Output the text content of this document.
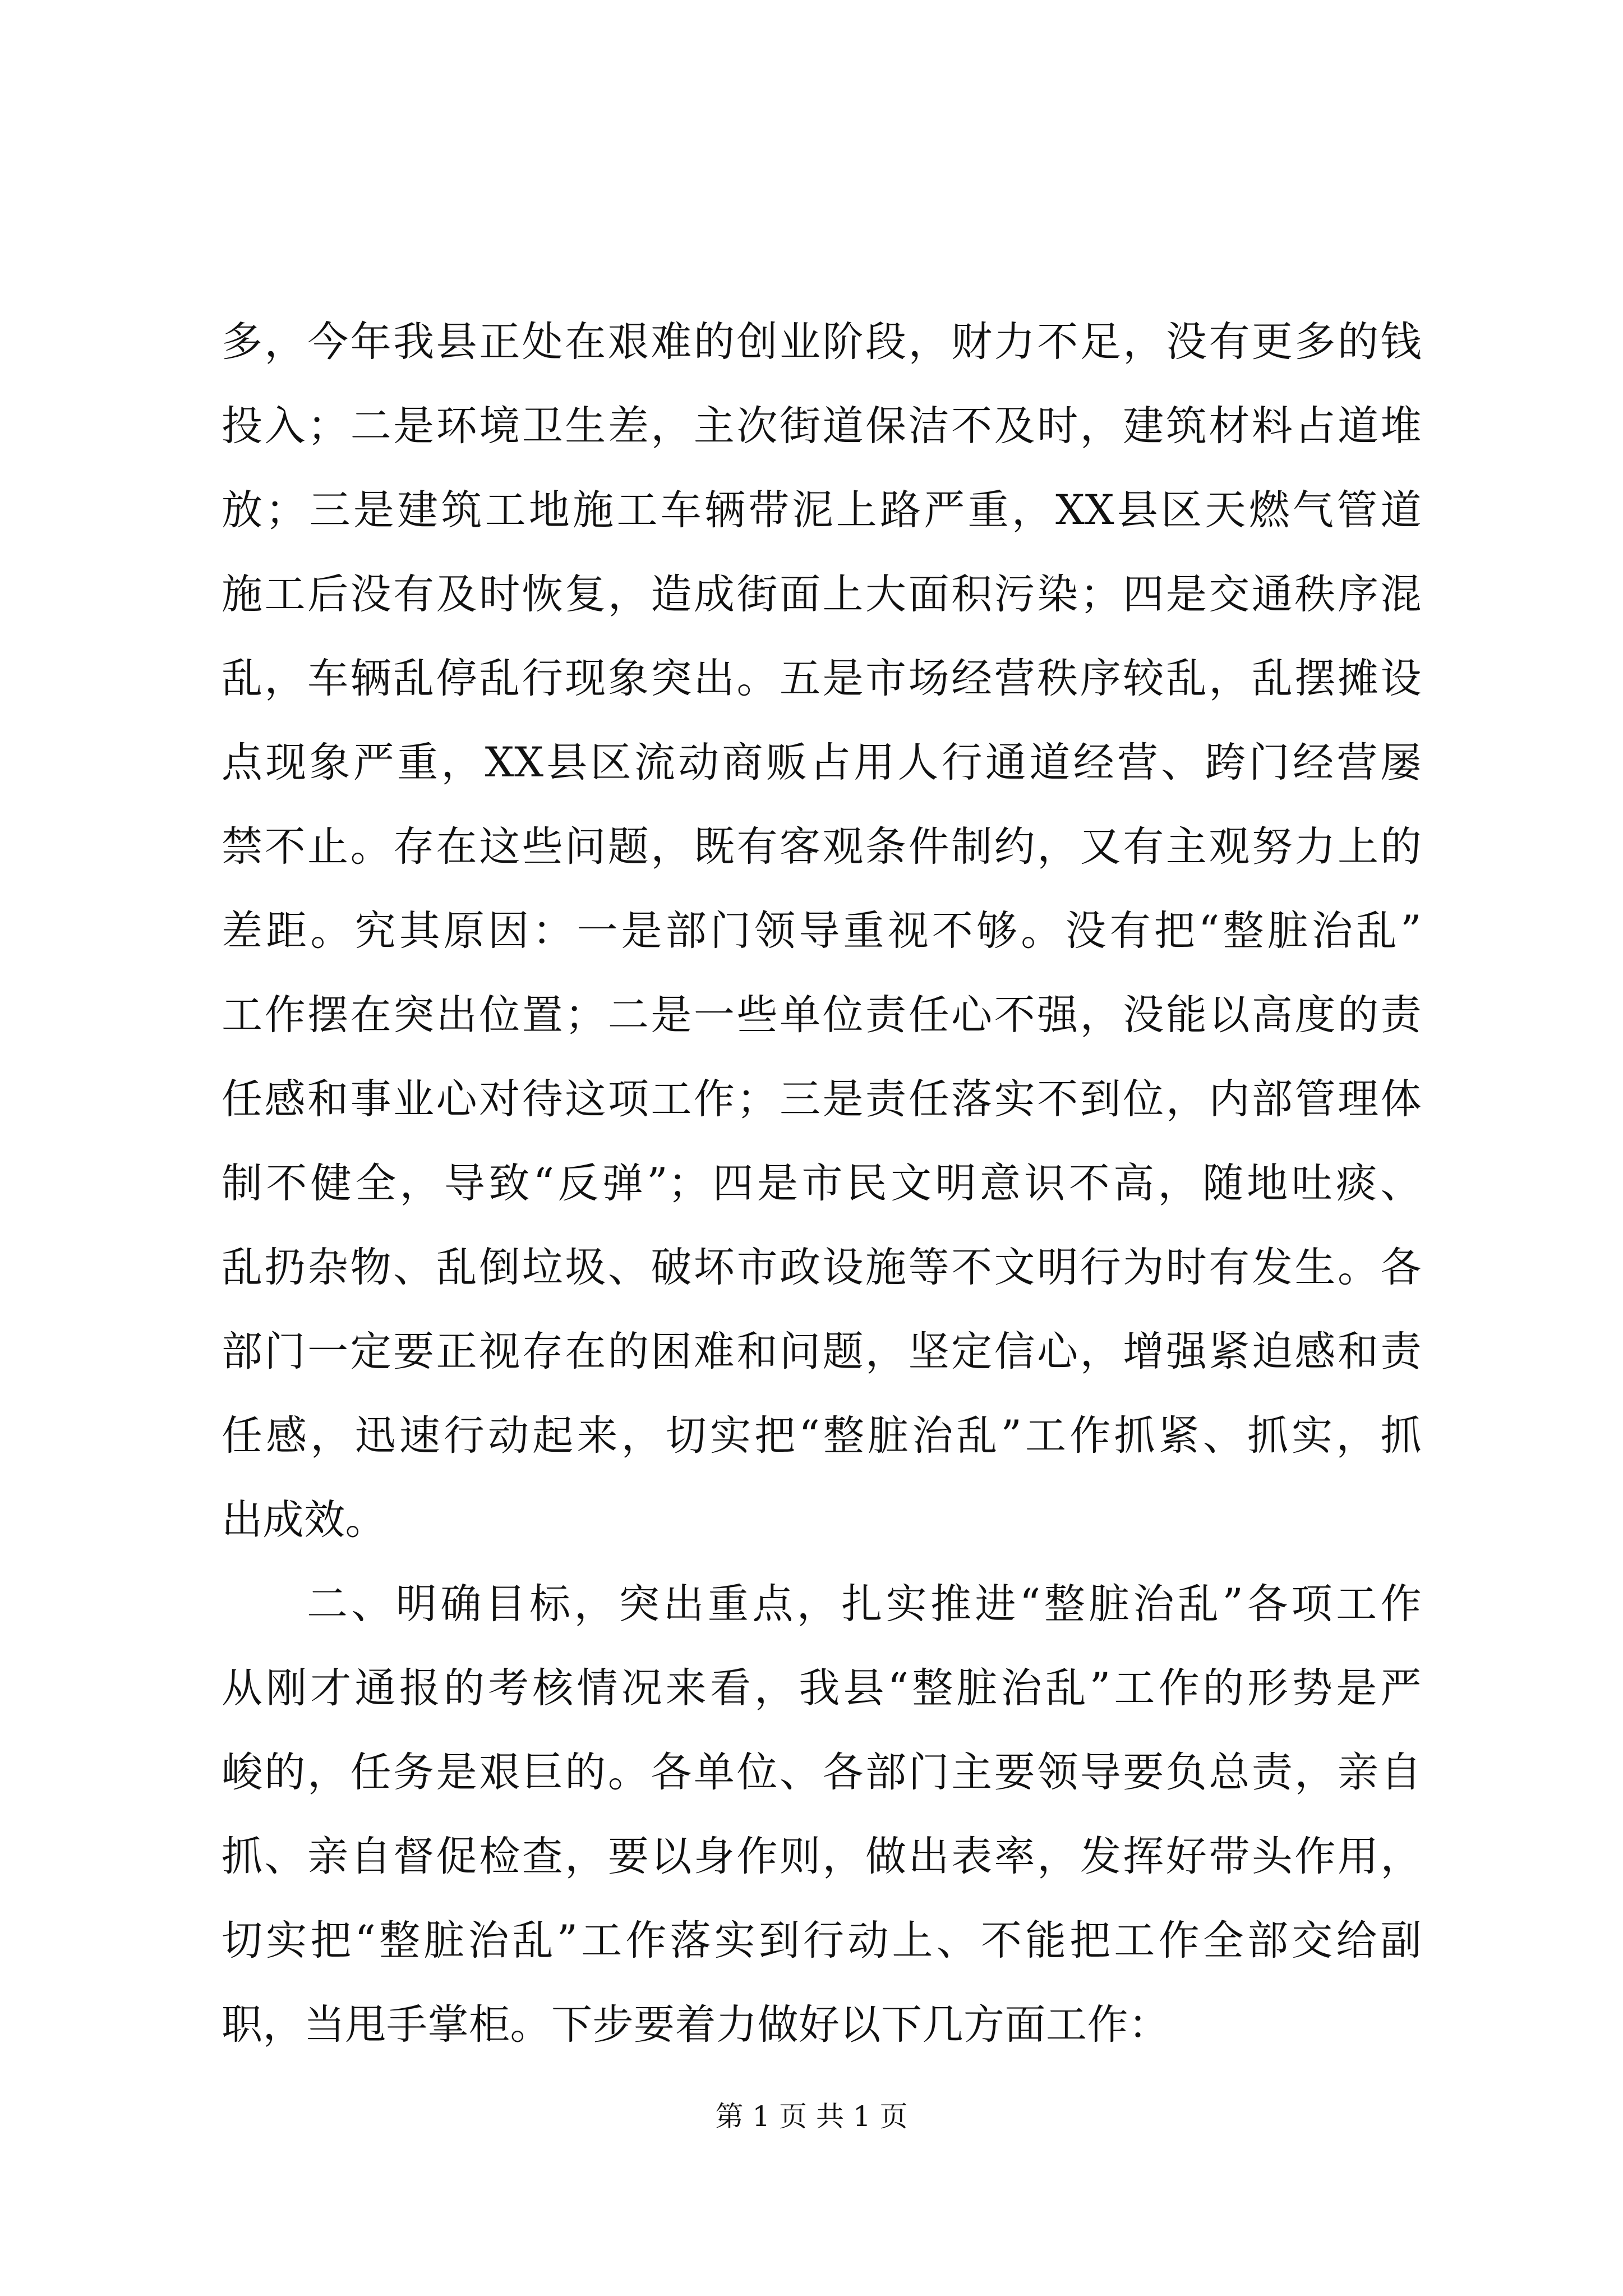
多，今年我县正处在艰难的创业阶段，财力不足，没有更多的钱
投入；二是环境卫生差，主次街道保洁不及时，建筑材料占道堆
放；三是建筑工地施工车辆带泥上路严重，XX县区天燃气管道
施工后没有及时恢复，造成街面上大面积污染；四是交通秩序混
乱，车辆乱停乱行现象突出。五是市场经营秩序较乱，乱摆摊设
点现象严重，XX县区流动商贩占用人行通道经营、跨门经营屡
禁不止。存在这些问题，既有客观条件制约，又有主观努力上的
差距。究其原因：一是部门领导重视不够。没有把“整脏治乱”
工作摆在突出位置；二是一些单位责任心不强，没能以高度的责
任感和事业心对待这项工作；三是责任落实不到位，内部管理体
制不健全，导致“反弹”；四是市民文明意识不高，随地吐痰、
乱扔杂物、乱倒垃圾、破坏市政设施等不文明行为时有发生。各
部门一定要正视存在的困难和问题，坚定信心，增强紧迫感和责
任感，迅速行动起来，切实把“整脏治乱”工作抓紧、抓实，抓
出成效。
二、明确目标，突出重点，扎实推进“整脏治乱”各项工作
从刚才通报的考核情况来看，我县“整脏治乱”工作的形势是严
峻的，任务是艰巨的。各单位、各部门主要领导要负总责，亲自
抓、亲自督促检查，要以身作则，做出表率，发挥好带头作用，
切实把“整脏治乱”工作落实到行动上、不能把工作全部交给副
职，当甩手掌柜。下步要着力做好以下几方面工作：
第 1 页 共 1 页
